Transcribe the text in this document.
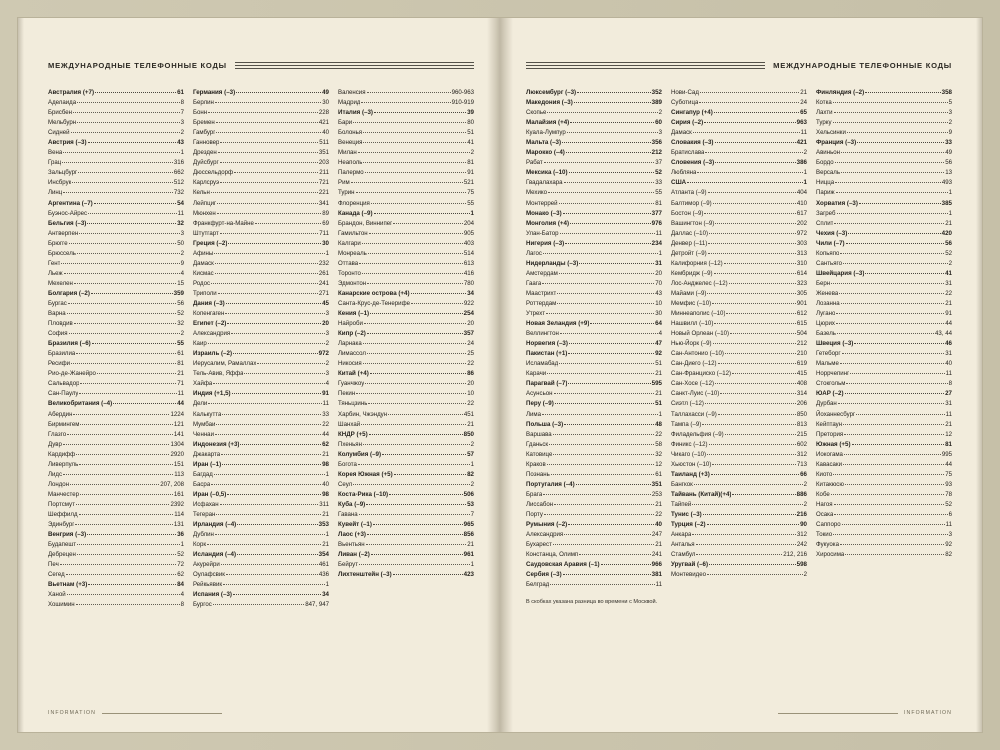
МЕЖДУНАРОДНЫЕ ТЕЛЕФОННЫЕ КОДЫ
Австралия (+7)	61
Аделаида	8
Брисбен	7
Мельбурн	3
Сидней	2
Австрия (–3)	43
Вена	1
Грац	316
Зальцбург	662
Инсбрук	512
Линц	732
Аргентина (–7)	54
Буэнос-Айрес	11
Бельгия (–3)	32
Антверпен	3
Брюгге	50
Брюссель	2
Гент	9
Льеж	4
Мехелен	15
Болгария (–2)	359
Бургас	56
Варна	52
Пловдив	32
София	2
Бразилия (–6)	55
Бразилиа	61
Ресифи	81
Рио-де-Жанейро	21
Сальвадор	71
Сан-Паулу	11
Великобритания (–4)	44
Абердин	1224
Бирмингем	121
Глазго	141
Дувр	1304
Кардифф	2920
Ливерпуль	151
Лидс	113
Лондон	207, 208
Манчестер	161
Портсмут	2392
Шеффилд	114
Эдинбург	131
Венгрия (–3)	36
Будапешт	1
Дебрецен	52
Печ	72
Сегед	62
Вьетнам (+3)	84
Ханой	4
Хошимин	8
Германия (–3)	49
Берлин	30
Бонн	228
Бремен	421
Гамбург	40
Ганновер	511
Дрезден	351
Дуйсбург	203
Дюссельдорф	211
Карлсруэ	721
Кельн	221
Лейпциг	341
Мюнхен	89
Франкфурт-на-Майне	69
Штутгарт	711
Греция (–2)	30
Афины	1
Дамаск	232
Кисмас	261
Родос	241
Триполи	271
Дания (–3)	45
Копенгаген	3
Египет (–2)	20
Александрия	3
Каир	2
Израиль (–2)	972
Иерусалим, Рамаллах	2
Тель-Авив, Яффа	3
Хайфа	4
Индия (+1,5)	91
Дели	11
Калькутта	33
Мумбаи	22
Ченнаи	44
Индонезия (+3)	62
Джакарта	21
Иран (–1)	98
Багдад	1
Басра	40
Иран (–0,5)	98
Исфахан	311
Тегеран	21
Ирландия (–4)	353
Дублин	1
Корк	21
Исландия (–4)	354
Акурейри	461
Оулафсвик	436
Рейкьявик	1
Испания (–3)	34
Бургос	847, 947
Валенсия	960-963
Мадрид	910-919
Италия (–3)	39
Бари	80
Болонья	51
Венеция	41
Милан	2
Неаполь	81
Палермо	91
Рим	521
Турин	75
Флоренция	55
Канада (–9)	1
Брандон, Виннипег	204
Гамильтон	905
Калгари	403
Монреаль	514
Оттава	613
Торонто	416
Эдмонтон	780
Канарские острова (+4)	34
Санта-Крус-де-Тенерифе	922
Кения (–1)	254
Найроби	20
Кипр (–2)	357
Ларнака	24
Лимассол	25
Никосия	22
Китай (+4)	86
Гуанчжоу	20
Пекин	10
Тяньцзинь	22
Харбин, Чжэндун	451
Шанхай	21
КНДР (+5)	850
Пхеньян	2
Колумбия (–9)	57
Богота	1
Корея Южная (+5)	82
Сеул	2
Коста-Рика (–10)	506
Куба (–9)	53
Гавана	7
Кувейт (–1)	965
Лаос (+3)	856
Вьентьян	21
Ливан (–2)	961
Бейрут	1
Лихтенштейн (–3)	423
INFORMATION
МЕЖДУНАРОДНЫЕ ТЕЛЕФОННЫЕ КОДЫ
Люксембург (–3)	352
Македония (–3)	389
Скопье	2
Малайзия (+4)	60
Куала-Лумпур	3
Мальта (–3)	356
Марокко (–4)	212
Рабат	37
Мексика (–10)	52
Гвадалахара	33
Мехико	55
Монтеррей	81
Монако (–3)	377
Монголия (+4)	976
Улан-Батор	11
Нигерия (–3)	234
Лагос	1
Нидерланды (–3)	31
Амстердам	20
Гаага	70
Маастрихт	43
Роттердам	10
Утрехт	30
Новая Зеландия (+9)	64
Веллингтон	4
Норвегия (–3)	47
Пакистан (+1)	92
Исламабад	51
Карачи	21
Парагвай (–7)	595
Асунсьон	21
Перу (–9)	51
Лима	1
Польша (–3)	48
Варшава	22
Гданьск	58
Катовице	32
Краков	12
Познань	61
Португалия (–4)	351
Брага	253
Лиссабон	21
Порту	22
Румыния (–2)	40
Александрия	247
Бухарест	21
Констанца, Олимп	241
Саудовская Аравия (–1)	966
Сербия (–3)	381
Белград	11
Нови-Сад	21
Суботица	24
Сингапур (+4)	65
Сирия (–2)	963
Дамаск	11
Словакия (–3)	421
Братислава	2
Словения (–3)	386
Любляна	1
США	1
Атланта (–9)	404
Балтимор (–9)	410
Бостон (–9)	617
Вашингтон (–9)	202
Даллас (–10)	972
Денвер (–11)	303
Детройт (–9)	313
Калифорния (–12)	310
Кембридж (–9)	614
Лос-Анджелес (–12)	323
Майами (–9)	305
Мемфис (–10)	901
Миннеаполис (–10)	612
Нашвилл (–10)	615
Новый Орлеан (–10)	504
Нью-Йорк (–9)	212
Сан-Антонио (–10)	210
Сан-Диего (–12)	619
Сан-Франциско (–12)	415
Сан-Хосе (–12)	408
Санкт-Луис (–10)	314
Сиэтл (–12)	206
Таллахасси (–9)	850
Тампа (–9)	813
Филадельфия (–9)	215
Финикс (–12)	602
Чикаго (–10)	312
Хьюстон (–10)	713
Таиланд (+3)	66
Бангкок	2
Тайвань (Китай)(+4)	886
Тайпей	2
Тунис (–3)	216
Турция (–2)	90
Анкара	312
Анталья	242
Стамбул	212, 216
Уругвай (–6)	598
Монтевидео	2
Финляндия (–2)	358
Котка	5
Лахти	3
Турку	2
Хельсинки	9
Франция (–3)	33
Авиньон	49
Бордо	56
Версаль	13
Ницца	493
Париж	1
Хорватия (–3)	385
Загреб	1
Сплит	21
Чехия (–3)	420
Чили (–7)	56
Копьяпо	52
Сантьяго	2
Швейцария (–3)	41
Берн	31
Женева	22
Лозанна	21
Лугано	91
Цюрих	44
Базель	43, 44
Швеция (–3)	46
Гетеборг	31
Мальме	40
Норрчепинг	11
Стокгольм	8
ЮАР (–2)	27
Дурбан	31
Йоханнесбург	11
Кейптаун	21
Претория	12
Южная (+5)	81
Иокогама	995
Кавасаки	44
Киото	75
Китакюсю	93
Кобе	78
Нагоя	52
Осака	6
Саппоро	11
Токио	3
Фукуока	92
Хиросима	82
В скобках указана разница во времени с Москвой.
INFORMATION
